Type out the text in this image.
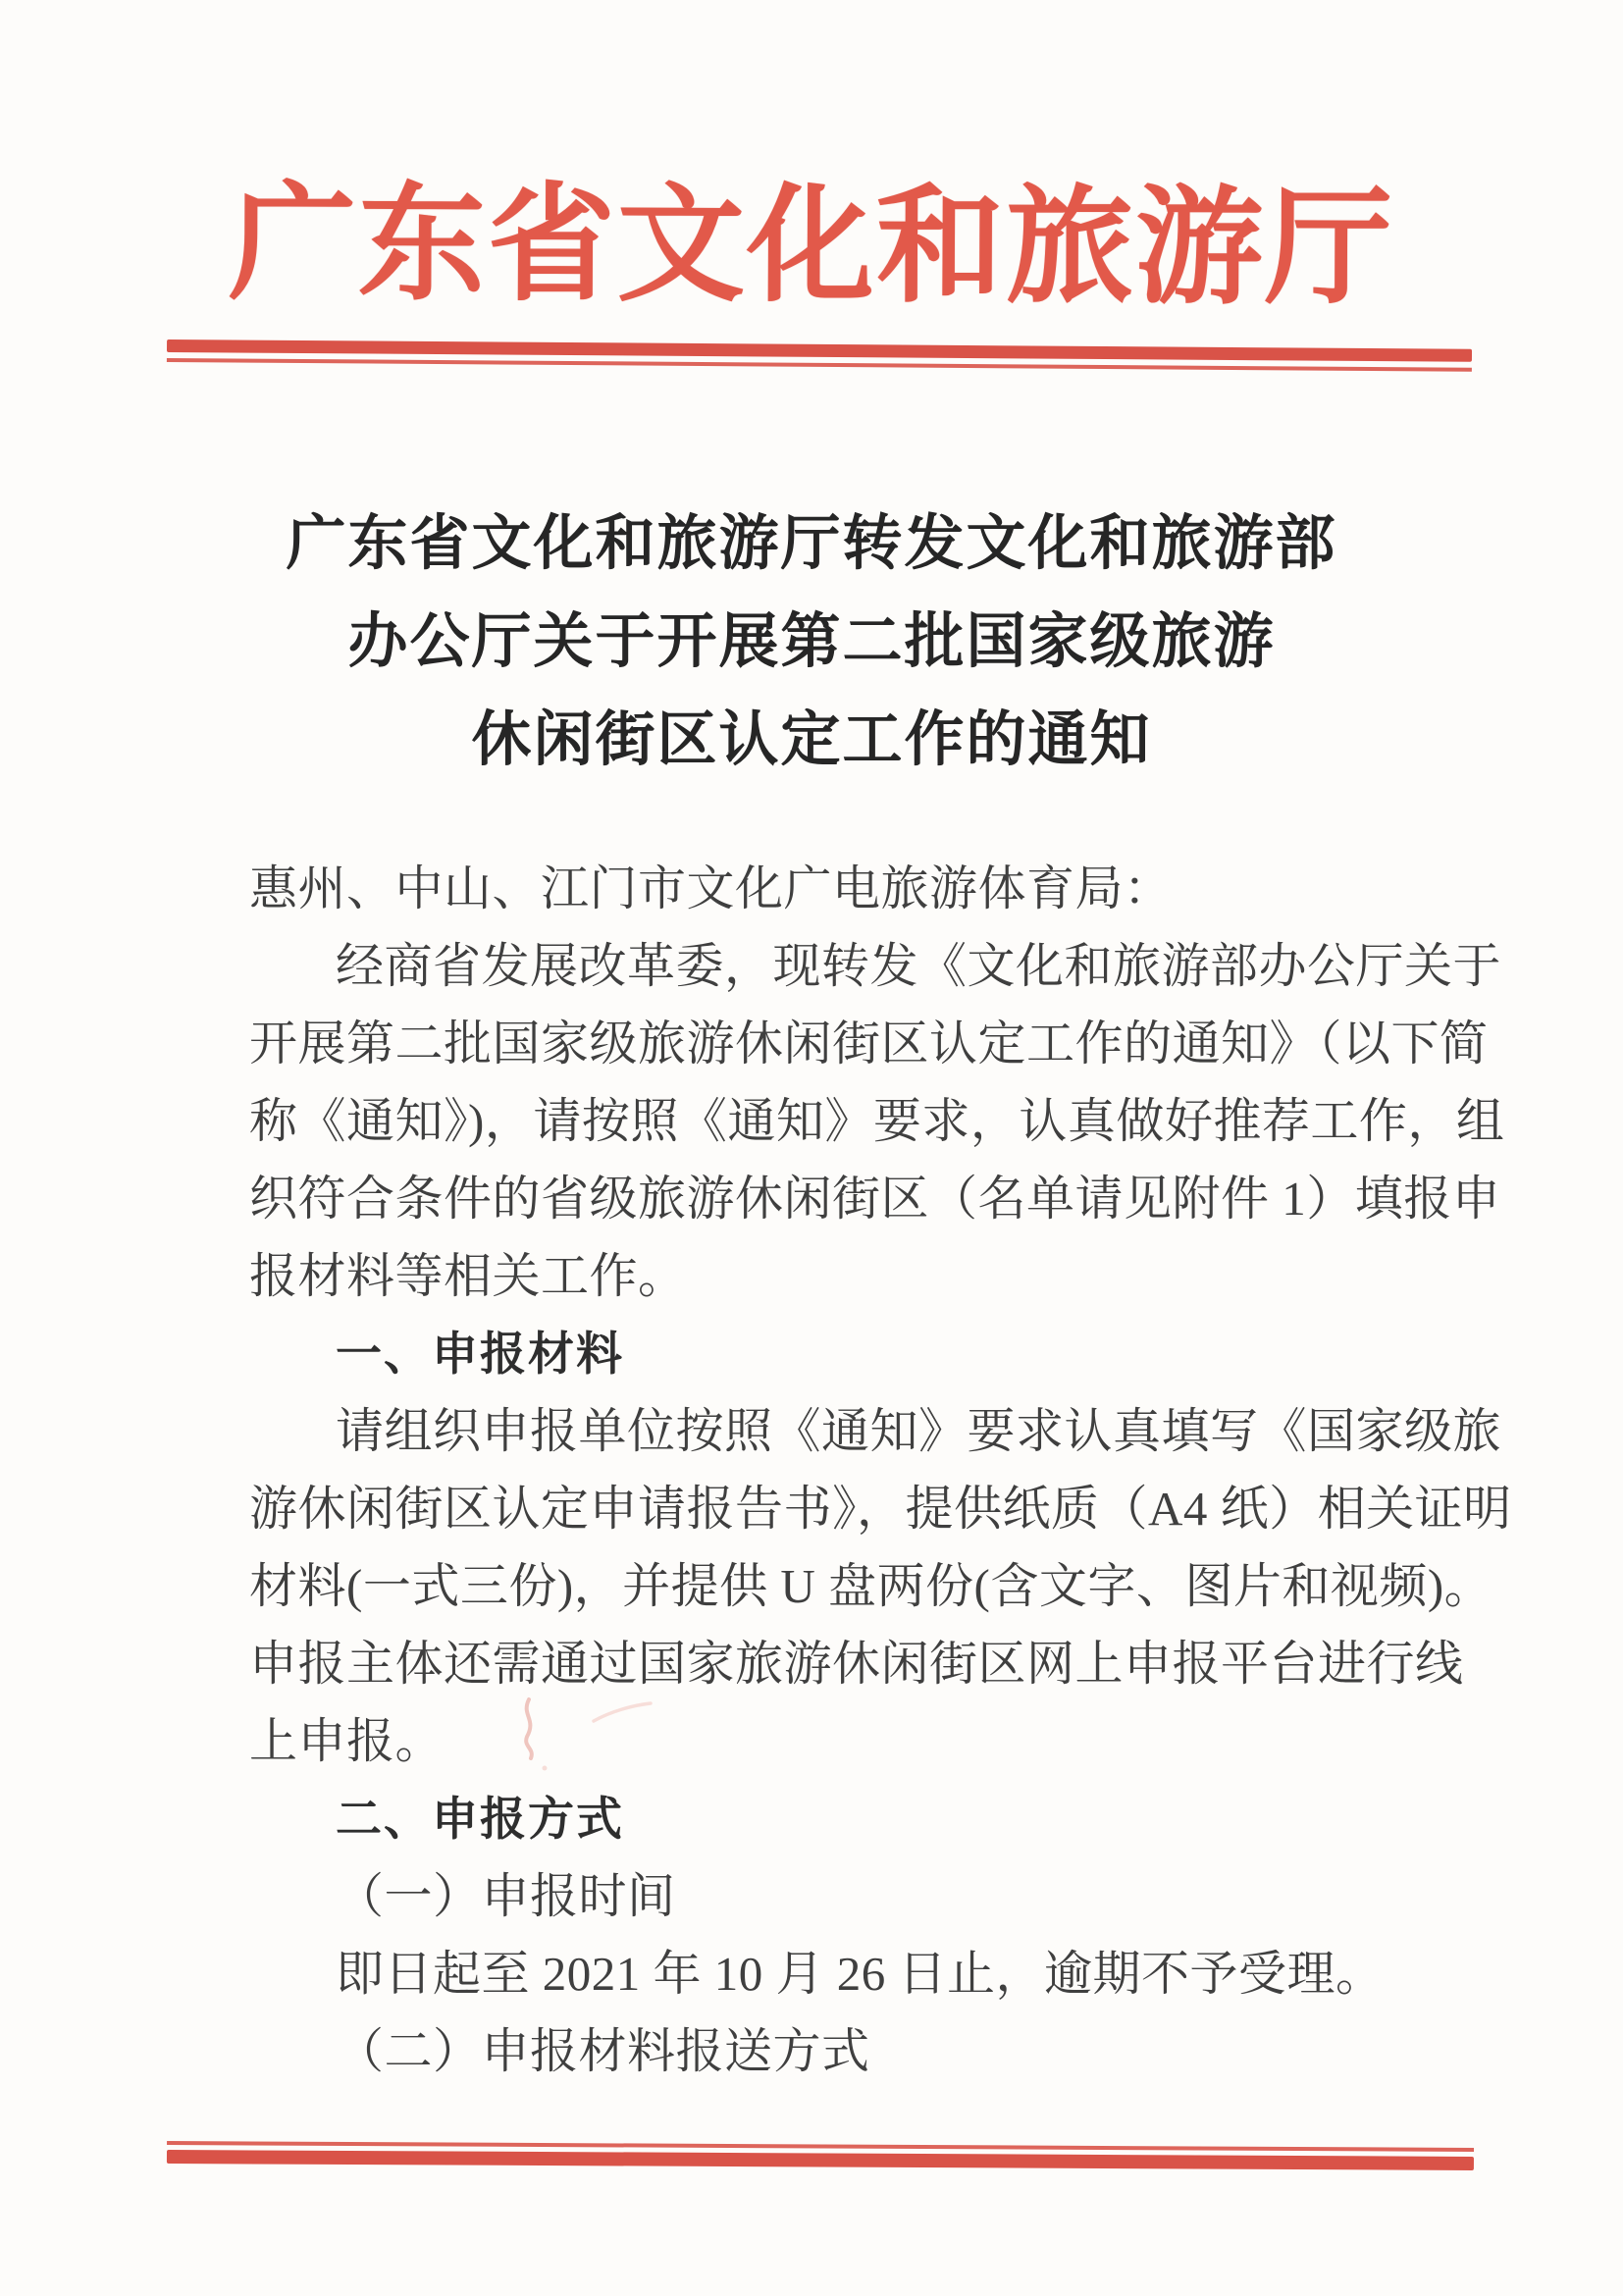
广东省文化和旅游厅
广东省文化和旅游厅转发文化和旅游部
办公厅关于开展第二批国家级旅游
休闲街区认定工作的通知
惠州、中山、江门市文化广电旅游体育局：
经商省发展改革委，现转发《文化和旅游部办公厅关于
开展第二批国家级旅游休闲街区认定工作的通知》（以下简
称《通知》)，请按照《通知》要求，认真做好推荐工作，组
织符合条件的省级旅游休闲街区（名单请见附件 1）填报申
报材料等相关工作。
一、申报材料
请组织申报单位按照《通知》要求认真填写《国家级旅
游休闲街区认定申请报告书》，提供纸质（A4 纸）相关证明
材料(一式三份)，并提供 U 盘两份(含文字、图片和视频)。
申报主体还需通过国家旅游休闲街区网上申报平台进行线
上申报。
二、申报方式
（一）申报时间
即日起至 2021 年 10 月 26 日止，逾期不予受理。
（二）申报材料报送方式
